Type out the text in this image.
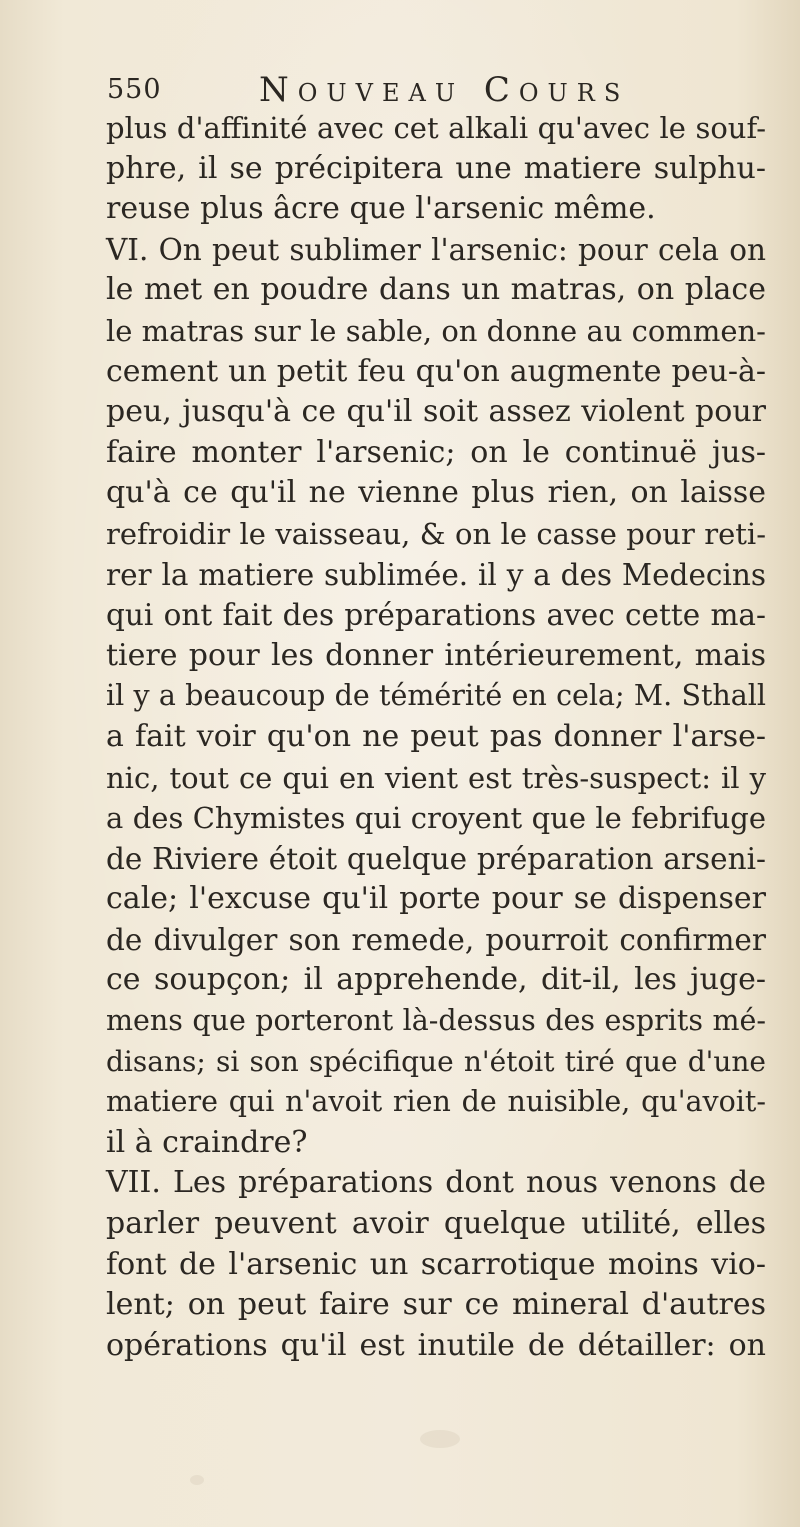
550	Nouveau Cours
plus d'affinité avec cet alkali qu'avec le souf-
phre, il se précipitera une matiere sulphu-
reuse plus âcre que l'arsenic même.
VI. On peut sublimer l'arsenic: pour cela on
le met en poudre dans un matras, on place
le matras sur le sable, on donne au commen-
cement un petit feu qu'on augmente peu-à-
peu, jusqu'à ce qu'il soit assez violent pour
faire monter l'arsenic; on le continuë jus-
qu'à ce qu'il ne vienne plus rien, on laisse
refroidir le vaisseau, & on le casse pour reti-
rer la matiere sublimée. il y a des Medecins
qui ont fait des préparations avec cette ma-
tiere pour les donner intérieurement, mais
il y a beaucoup de témérité en cela; M. Sthall
a fait voir qu'on ne peut pas donner l'arse-
nic, tout ce qui en vient est très-suspect: il y
a des Chymistes qui croyent que le febrifuge
de Riviere étoit quelque préparation arseni-
cale; l'excuse qu'il porte pour se dispenser
de divulger son remede, pourroit confirmer
ce soupçon; il apprehende, dit-il, les juge-
mens que porteront là-dessus des esprits mé-
disans; si son spécifique n'étoit tiré que d'une
matiere qui n'avoit rien de nuisible, qu'avoit-
il à craindre?
VII. Les préparations dont nous venons de
parler peuvent avoir quelque utilité, elles
font de l'arsenic un scarrotique moins vio-
lent; on peut faire sur ce mineral d'autres
opérations qu'il est inutile de détailler: on
